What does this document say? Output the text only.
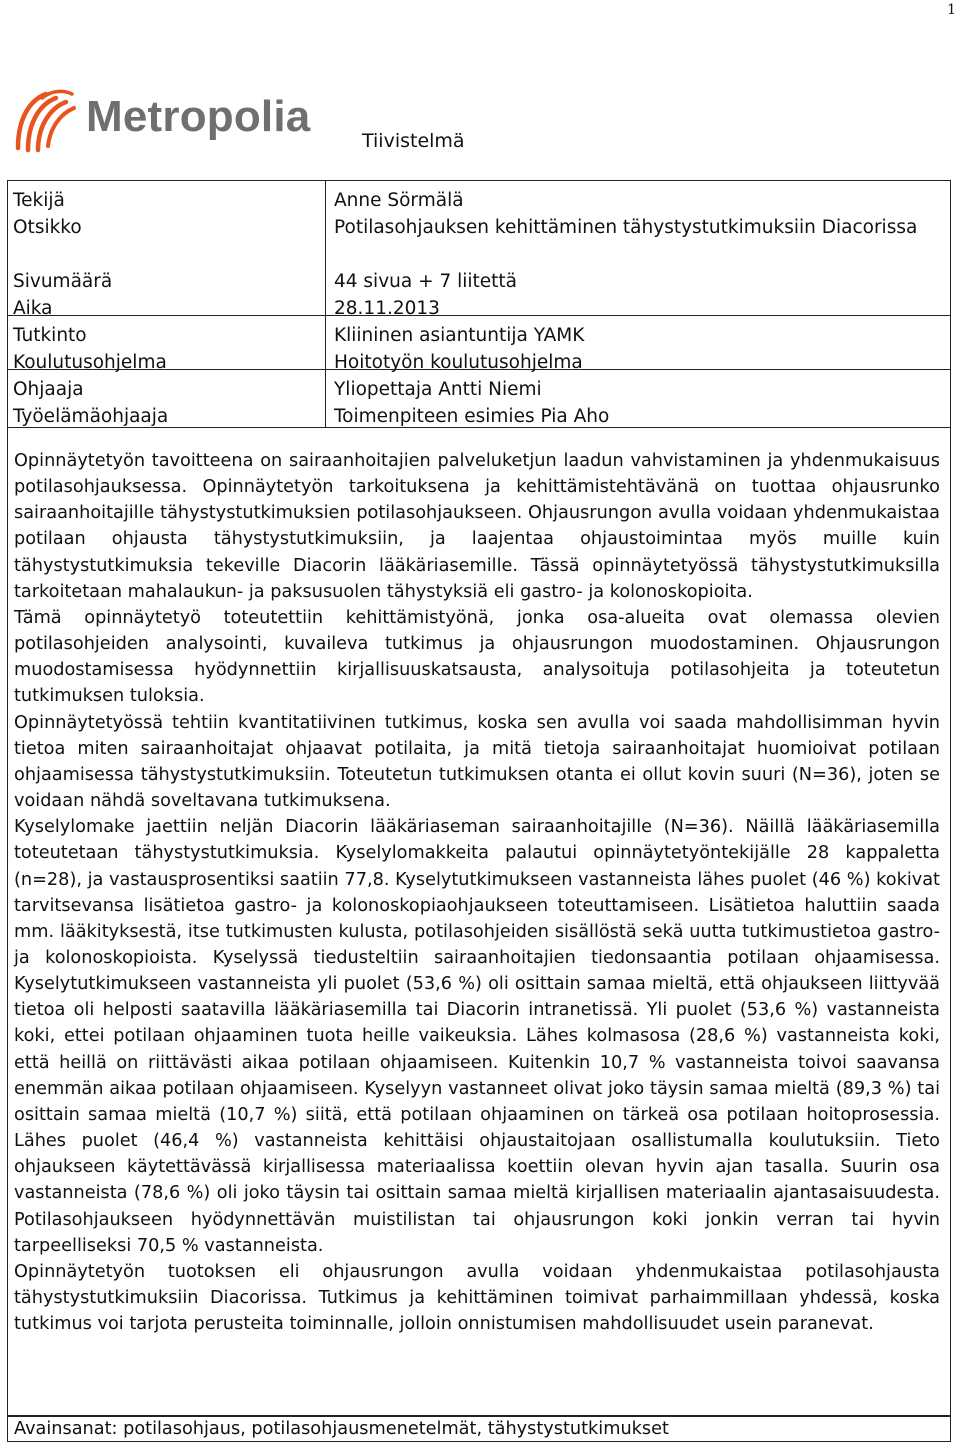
1
Metropolia	Tiivistelmä
Tekijä
Otsikko
Sivumäärä
Aika
Tutkinto
Koulutusohjelma
Ohjaaja
Työelämäohjaaja
Anne Sörmälä
Potilasohjauksen kehittäminen tähystystutkimuksiin Diacorissa
44 sivua + 7 liitettä
28.11.2013
Kliininen asiantuntija YAMK
Hoitotyön koulutusohjelma
Yliopettaja Antti Niemi
Toimenpiteen esimies Pia Aho

Opinnäytetyön tavoitteena on sairaanhoitajien palveluketjun laadun vahvistaminen ja yhdenmukaisuus potilasohjauksessa. Opinnäytetyön tarkoituksena ja kehittämistehtävänä on tuottaa ohjausrunko sairaanhoitajille tähystystutkimuksien potilasohjaukseen. Ohjausrungon avulla voidaan yhdenmukaistaa potilaan ohjausta tähystystutkimuksiin, ja laajentaa ohjaustoimintaa myös muille kuin tähystystutkimuksia tekeville Diacorin lääkäriasemille. Tässä opinnäytetyössä tähystystutkimuksilla tarkoitetaan mahalaukun- ja paksusuolen tähystyksiä eli gastro- ja kolonoskopioita.

Tämä opinnäytetyö toteutettiin kehittämistyönä, jonka osa-alueita ovat olemassa olevien potilasohjeiden analysointi, kuvaileva tutkimus ja ohjausrungon muodostaminen. Ohjausrungon muodostamisessa hyödynnettiin kirjallisuuskatsausta, analysoituja potilasohjeita ja toteutetun tutkimuksen tuloksia.

Opinnäytetyössä tehtiin kvantitatiivinen tutkimus, koska sen avulla voi saada mahdollisimman hyvin tietoa miten sairaanhoitajat ohjaavat potilaita, ja mitä tietoja sairaanhoitajat huomioivat potilaan ohjaamisessa tähystystutkimuksiin. Toteutetun tutkimuksen otanta ei ollut kovin suuri (N=36), joten se voidaan nähdä soveltavana tutkimuksena.

Kyselylomake jaettiin neljän Diacorin lääkäriaseman sairaanhoitajille (N=36). Näillä lääkäriasemilla toteutetaan tähystystutkimuksia. Kyselylomakkeita palautui opinnäytetyöntekijälle 28 kappaletta (n=28), ja vastausprosentiksi saatiin 77,8. Kyselytutkimukseen vastanneista lähes puolet (46 %) kokivat tarvitsevansa lisätietoa gastro- ja kolonoskopiaohjaukseen toteuttamiseen. Lisätietoa haluttiin saada mm. lääkityksestä, itse tutkimusten kulusta, potilasohjeiden sisällöstä sekä uutta tutkimustietoa gastro- ja kolonoskopioista. Kyselyssä tiedusteltiin sairaanhoitajien tiedonsaantia potilaan ohjaamisessa. Kyselytutkimukseen vastanneista yli puolet (53,6 %) oli osittain samaa mieltä, että ohjaukseen liittyvää tietoa oli helposti saatavilla lääkäriasemilla tai Diacorin intranetissä. Yli puolet (53,6 %) vastanneista koki, ettei potilaan ohjaaminen tuota heille vaikeuksia. Lähes kolmasosa (28,6 %) vastanneista koki, että heillä on riittävästi aikaa potilaan ohjaamiseen. Kuitenkin 10,7 % vastanneista toivoi saavansa enemmän aikaa potilaan ohjaamiseen. Kyselyyn vastanneet olivat joko täysin samaa mieltä (89,3 %) tai osittain samaa mieltä (10,7 %) siitä, että potilaan ohjaaminen on tärkeä osa potilaan hoitoprosessia. Lähes puolet (46,4 %) vastanneista kehittäisi ohjaustaitojaan osallistumalla koulutuksiin. Tieto ohjaukseen käytettävässä kirjallisessa materiaalissa koettiin olevan hyvin ajan tasalla. Suurin osa vastanneista (78,6 %) oli joko täysin tai osittain samaa mieltä kirjallisen materiaalin ajantasaisuudesta. Potilasohjaukseen hyödynnettävän muistilistan tai ohjausrungon koki jonkin verran tai hyvin tarpeelliseksi 70,5 % vastanneista.

Opinnäytetyön tuotoksen eli ohjausrungon avulla voidaan yhdenmukaistaa potilasohjausta tähystystutkimuksiin Diacorissa. Tutkimus ja kehittäminen toimivat parhaimmillaan yhdessä, koska tutkimus voi tarjota perusteita toiminnalle, jolloin onnistumisen mahdollisuudet usein paranevat.

Avainsanat: potilasohjaus, potilasohjausmenetelmät, tähystystutkimukset
